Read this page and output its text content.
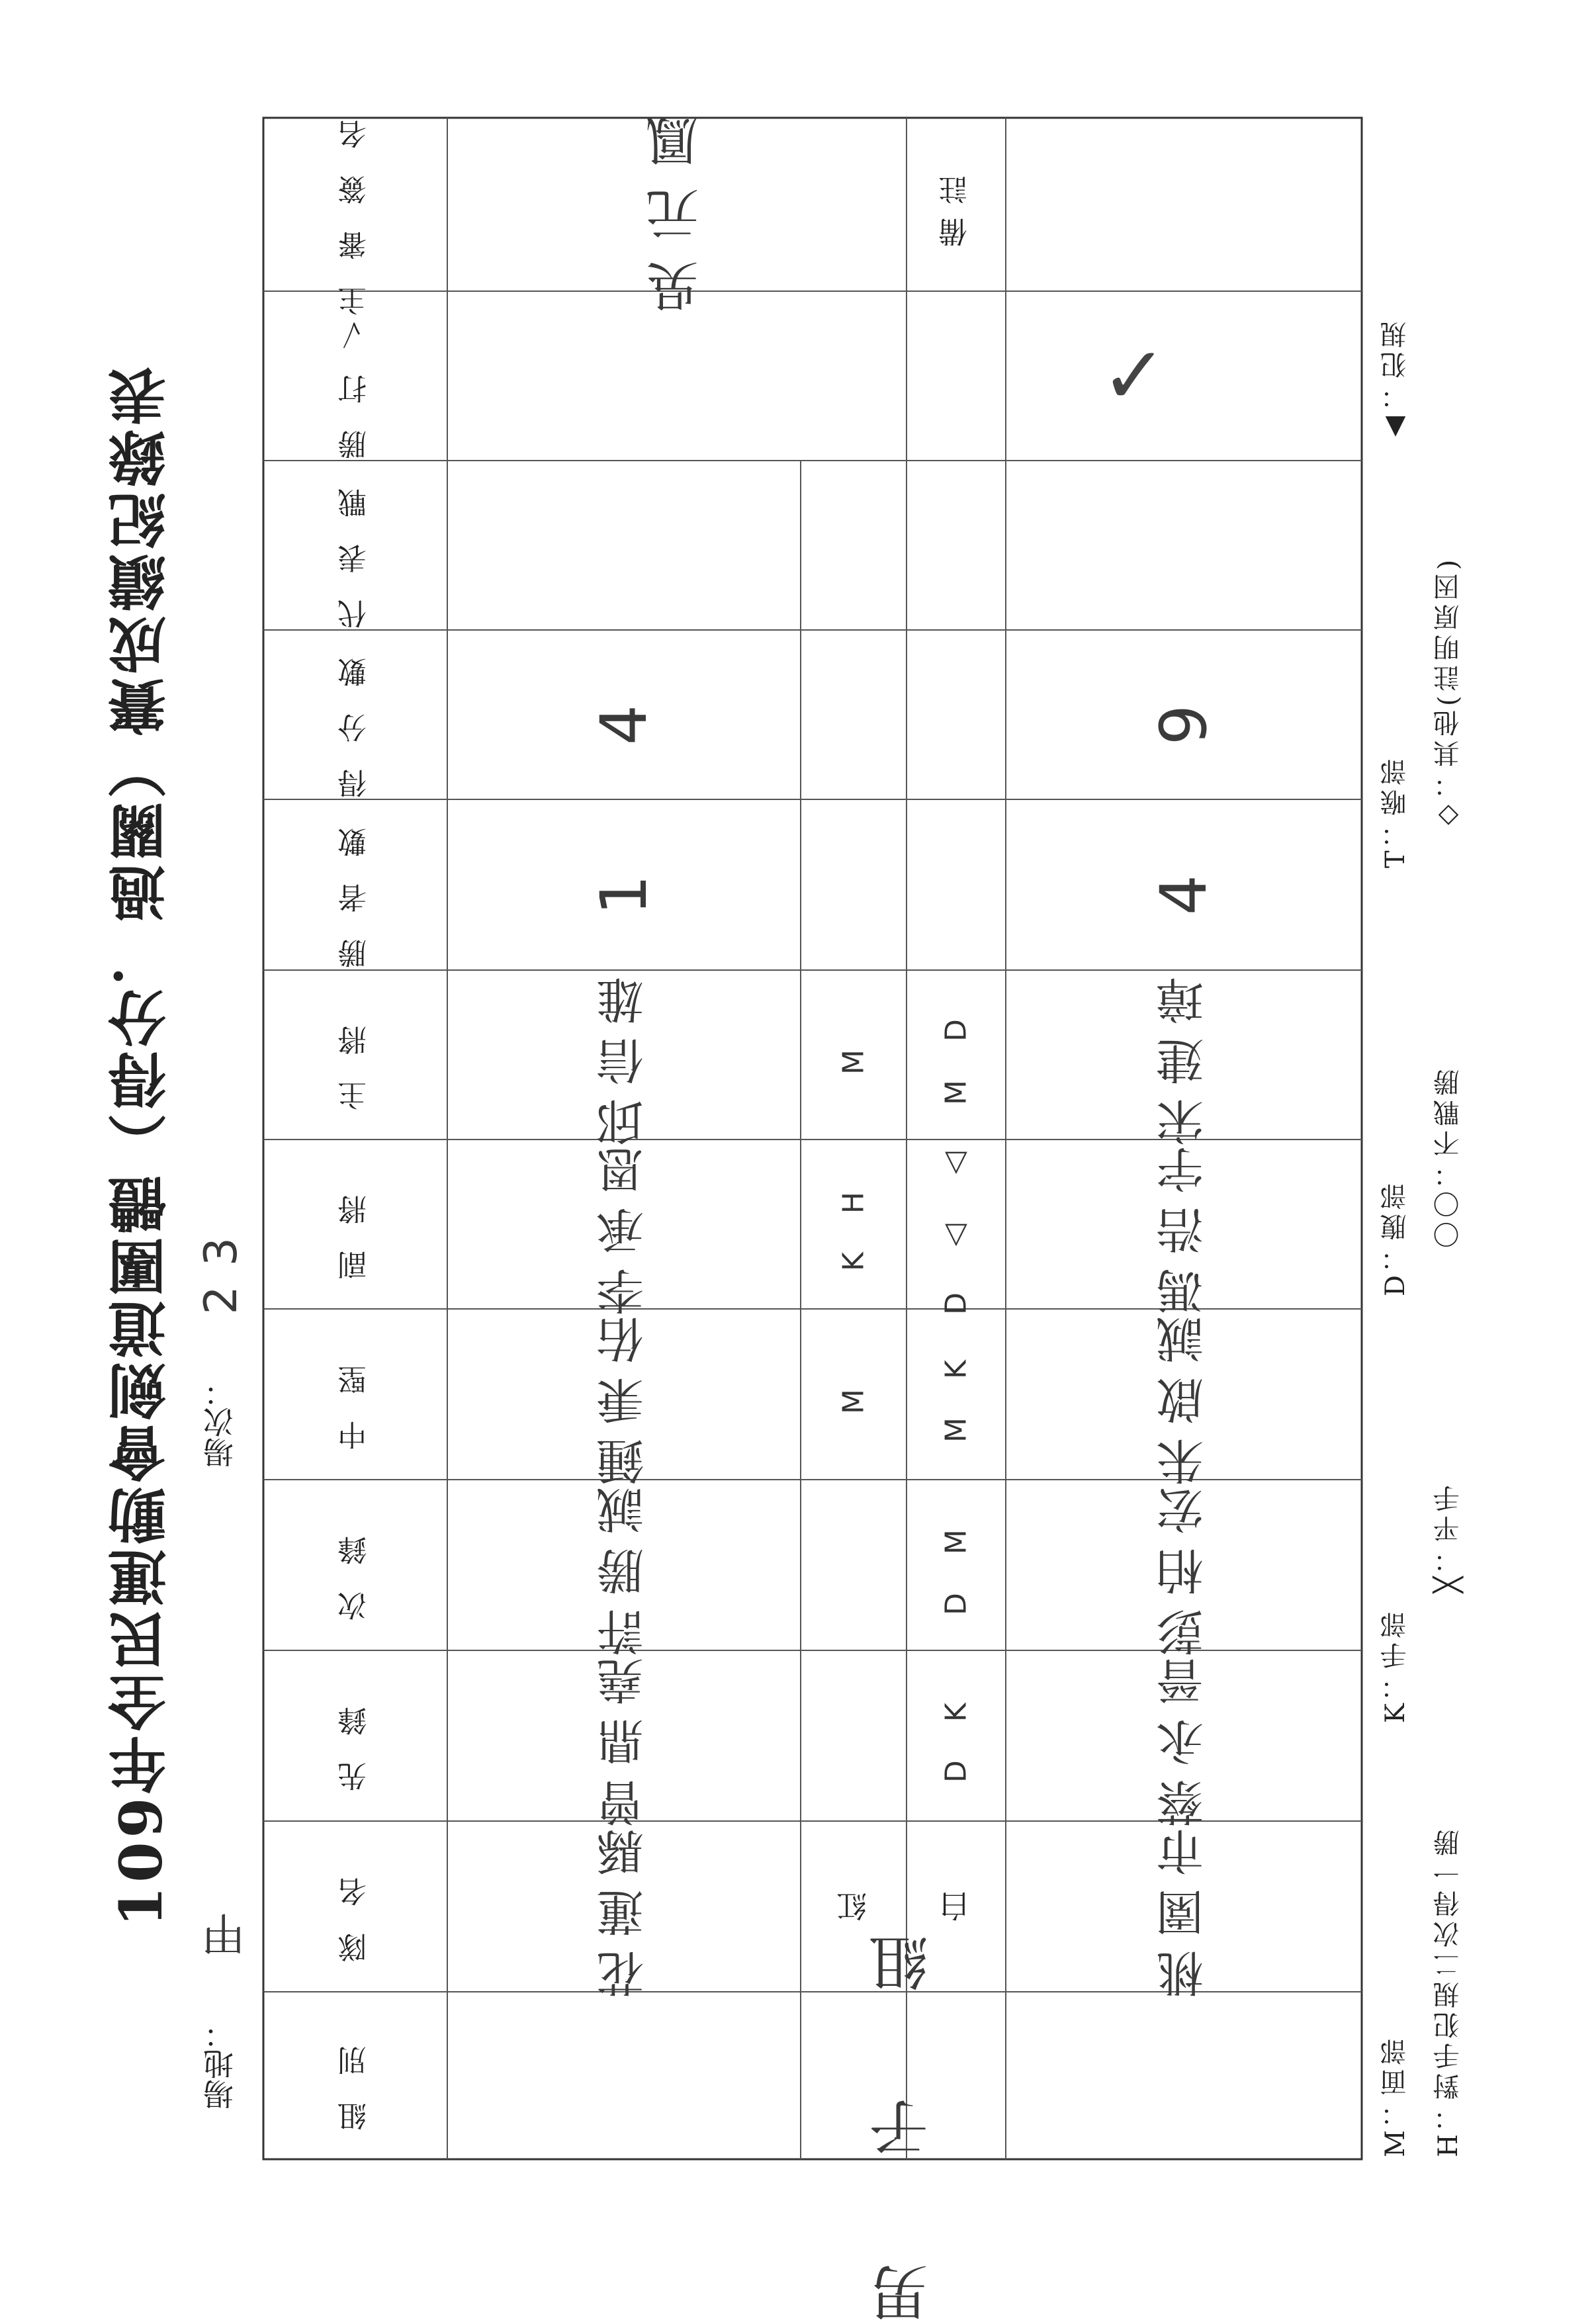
109年全民運動會劍道團體（得分．過關）賽成績紀錄表
場地：
甲
場次：
23
主審簽名
勝打✓
代表戰
得分數
勝者數
主將
副將
中堅
次鋒
先鋒
隊名
組別
備註
吳元鳳
花蓮縣
曾鼎堯
許勝誠
鍾秉佑
李承恩
邱信雄
1
4
紅
M
K H
M
白
D K
D M
M K
D △ △
M D
桃園市
蔡永晉
彭柏宏
朱啟誠
馮浩宇
宋建璋
4
9
✓
男子組	M：面部
K：手部
D：腹部
T：喉部
▲：犯規
H：對手犯規二次得一勝
╳：平手
〇〇：不戰勝
◇：其他(註明原因)
